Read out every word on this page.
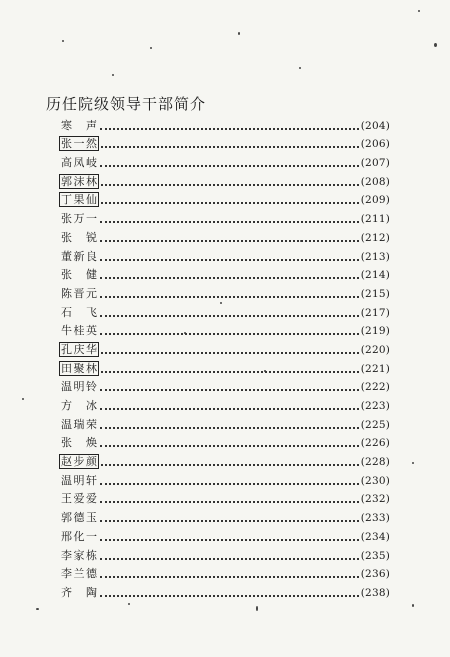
历任院级领导干部简介
寒　声	(204)
张一然	(206)
高凤岐	(207)
郭沫林	(208)
丁果仙	(209)
张万一	(211)
张　锐	(212)
董新良	(213)
张　健	(214)
陈晋元	(215)
石　飞	(217)
牛桂英	(219)
孔庆华	(220)
田聚林	(221)
温明铃	(222)
方　冰	(223)
温瑞荣	(225)
张　焕	(226)
赵步颜	(228)
温明轩	(230)
王爱爱	(232)
郭德玉	(233)
邢化一	(234)
李家栋	(235)
李兰德	(236)
齐　陶	(238)
